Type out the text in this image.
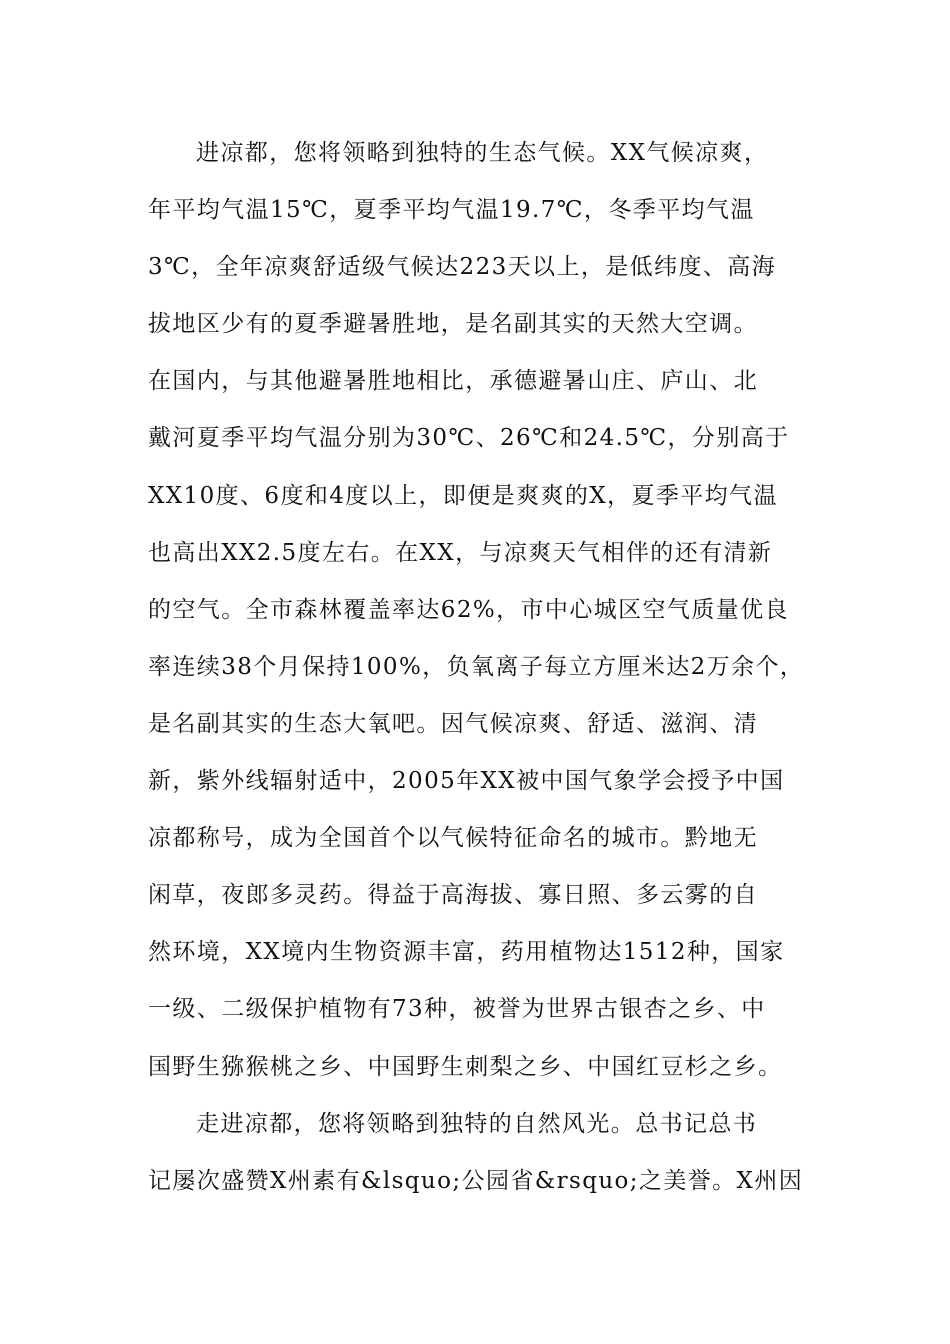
进凉都，您将领略到独特的生态气候。XX气候凉爽，
年平均气温15℃，夏季平均气温19.7℃，冬季平均气温
3℃，全年凉爽舒适级气候达223天以上，是低纬度、高海
拔地区少有的夏季避暑胜地，是名副其实的天然大空调。
在国内，与其他避暑胜地相比，承德避暑山庄、庐山、北
戴河夏季平均气温分别为30℃、26℃和24.5℃，分别高于
XX10度、6度和4度以上，即便是爽爽的X，夏季平均气温
也高出XX2.5度左右。在XX，与凉爽天气相伴的还有清新
的空气。全市森林覆盖率达62%，市中心城区空气质量优良
率连续38个月保持100%，负氧离子每立方厘米达2万余个，
是名副其实的生态大氧吧。因气候凉爽、舒适、滋润、清
新，紫外线辐射适中，2005年XX被中国气象学会授予中国
凉都称号，成为全国首个以气候特征命名的城市。黔地无
闲草，夜郎多灵药。得益于高海拔、寡日照、多云雾的自
然环境，XX境内生物资源丰富，药用植物达1512种，国家
一级、二级保护植物有73种，被誉为世界古银杏之乡、中
国野生猕猴桃之乡、中国野生刺梨之乡、中国红豆杉之乡。
走进凉都，您将领略到独特的自然风光。总书记总书
记屡次盛赞X州素有&lsquo;公园省&rsquo;之美誉。X州因
